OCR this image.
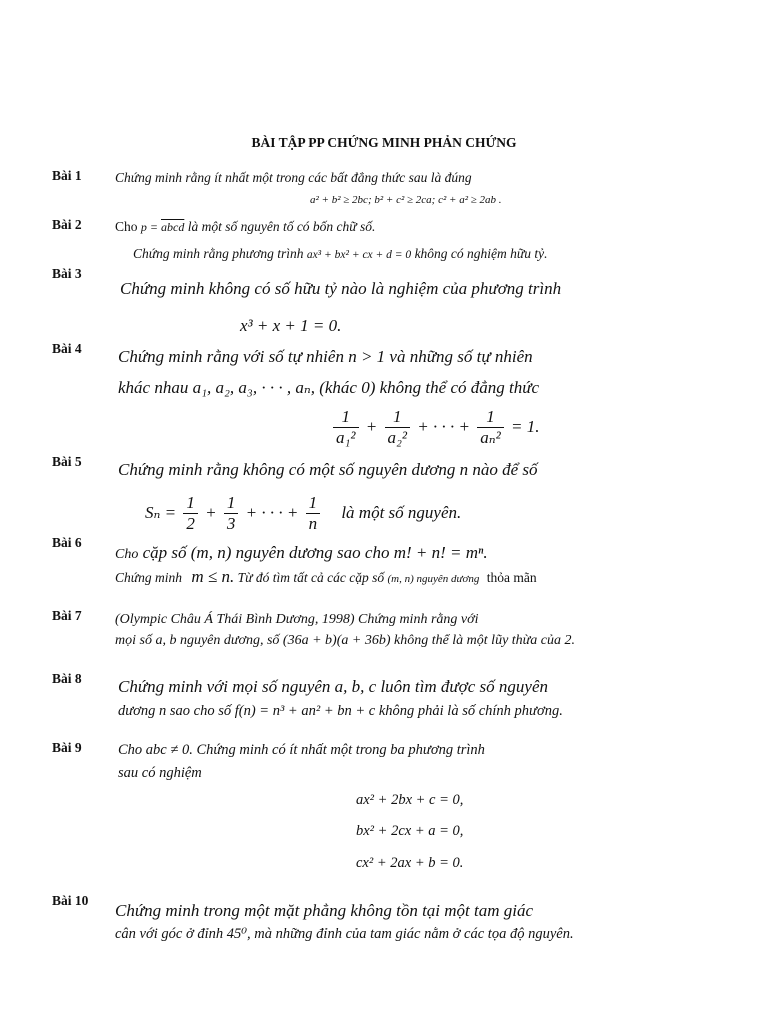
BÀI TẬP PP CHỨNG MINH PHẢN CHỨNG
Bài 1 Chứng minh rằng ít nhất một trong các bất đẳng thức sau là đúng
a² + b² ≥ 2bc; b² + c² ≥ 2ca; c² + a² ≥ 2ab .
Bài 2 Cho p = abcd là một số nguyên tố có bốn chữ số.
Chứng minh rằng phương trình ax³ + bx² + cx + d = 0 không có nghiệm hữu tỷ.
Bài 3
Chứng minh không có số hữu tỷ nào là nghiệm của phương trình
x³ + x + 1 = 0.
Bài 4 Chứng minh rằng với số tự nhiên n > 1 và những số tự nhiên
khác nhau a₁, a₂, a₃, · · · , aₙ, (khác 0) không thể có đẳng thức
$\frac{1}{\text{a₁²}} + \frac{1}{\text{a₂²}}$ + · · · + $\frac{1}{\text{aₙ²}} = 1$.
Bài 5 Chứng minh rằng không có một số nguyên dương n nào để số
$S_n = \frac{1}{2} + \frac{1}{3}$ + · · · + $\frac{1}{n}$ là một số nguyên.
Bài 6
Cho cặp số (m, n) nguyên dương sao cho m! + n! = mⁿ.
Chứng minh m ≤ n. Từ đó tìm tất cả các cặp số (m, n) nguyên dương thỏa mãn
Bài 7 (Olympic Châu Á Thái Bình Dương, 1998) Chứng minh rằng với
mọi số a, b nguyên dương, số (36a + b)(a + 36b) không thể là một lũy thừa của 2.
Bài 8 Chứng minh với mọi số nguyên a, b, c luôn tìm được số nguyên
dương n sao cho số f(n) = n³ + an² + bn + c không phải là số chính phương.
Bài 9	Cho abc ≠ 0. Chứng minh có ít nhất một trong ba phương trình
sau có nghiệm
ax² + 2bx + c = 0,
bx² + 2cx + a = 0,
cx² + 2ax + b = 0.
Bài 10
Chứng minh trong một mặt phẳng không tồn tại một tam giác
cân với góc ở đỉnh 45⁰, mà những đỉnh của tam giác nằm ở các tọa độ nguyên.
